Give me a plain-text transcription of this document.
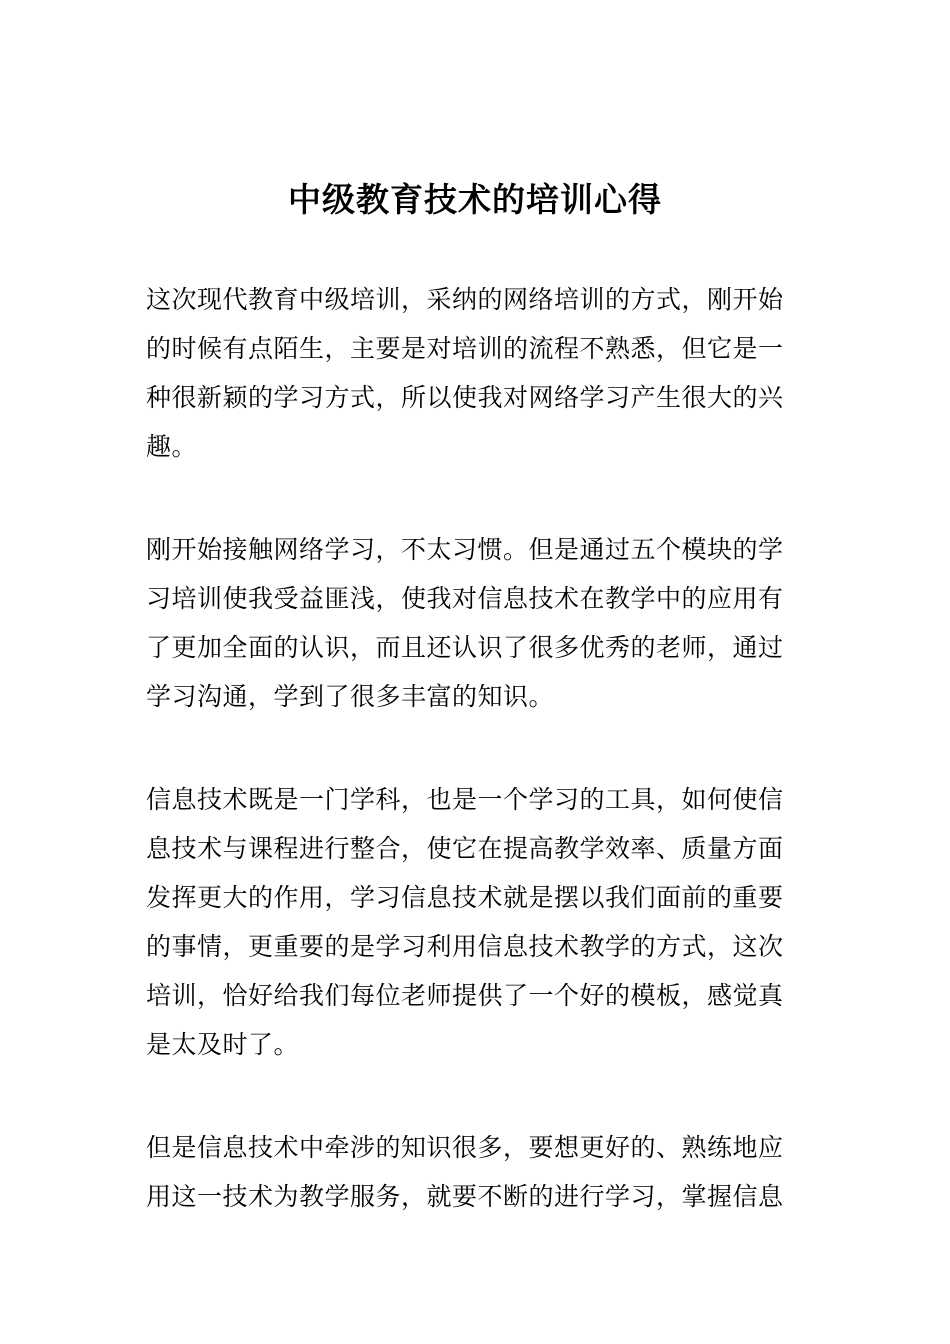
中级教育技术的培训心得
这次现代教育中级培训，采纳的网络培训的方式，刚开始
的时候有点陌生，主要是对培训的流程不熟悉，但它是一
种很新颖的学习方式，所以使我对网络学习产生很大的兴
趣。
刚开始接触网络学习，不太习惯。但是通过五个模块的学
习培训使我受益匪浅，使我对信息技术在教学中的应用有
了更加全面的认识，而且还认识了很多优秀的老师，通过
学习沟通，学到了很多丰富的知识。
信息技术既是一门学科，也是一个学习的工具，如何使信
息技术与课程进行整合，使它在提高教学效率、质量方面
发挥更大的作用，学习信息技术就是摆以我们面前的重要
的事情，更重要的是学习利用信息技术教学的方式，这次
培训，恰好给我们每位老师提供了一个好的模板，感觉真
是太及时了。
但是信息技术中牵涉的知识很多，要想更好的、熟练地应
用这一技术为教学服务，就要不断的进行学习，掌握信息
